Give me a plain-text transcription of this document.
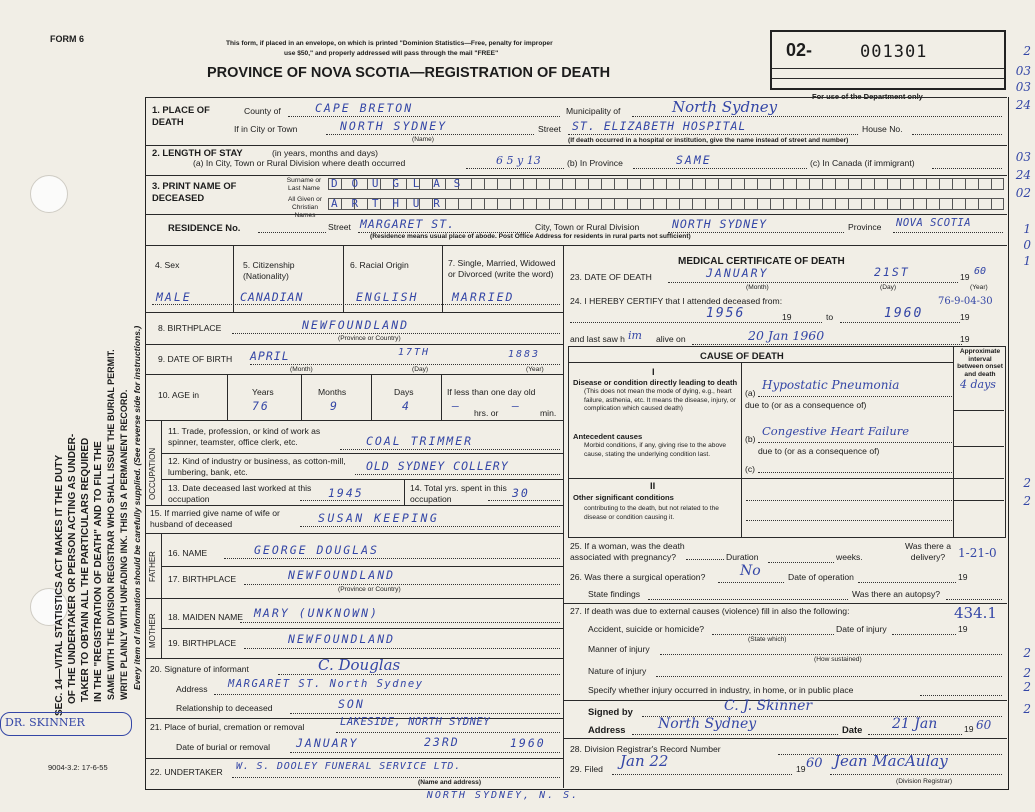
FORM 6	This form, if placed in an envelope, on which is printed "Dominion Statistics—Free, penalty for improper
use $50," and properly addressed will pass through the mail "FREE"
PROVINCE OF NOVA SCOTIA—REGISTRATION OF DEATH
02-	001301
For use of the Department only
SEC. 14—VITAL STATISTICS ACT MAKES IT THE DUTY OF THE UNDERTAKER OR PERSON ACTING AS UNDER- TAKER TO OBTAIN ALL THE PARTICULARS REQUIRED IN THE "REGISTRATION OF DEATH" AND TO FILE THE SAME WITH THE DIVISION REGISTRAR WHO SHALL ISSUE THE BURIAL PERMIT. WRITE PLAINLY WITH UNFADING INK. THIS IS A PERMANENT RECORD. Every item of information should be carefully supplied. (See reverse side for instructions.)
DR. SKINNER
9004-3.2: 17-6-55
1. PLACE OF DEATH
County of	CAPE BRETON	Municipality of	North Sydney
If in City or Town	NORTH SYDNEY
(Name)
Street ST. ELIZABETH HOSPITAL	House No.
(If death occurred in a hospital or institution, give the name instead of street and number)
2. LENGTH OF STAY	(in years, months and days)
(a) In City, Town or Rural Division where death occurred	6 5 y 13	(b) In Province	SAME	(c) In Canada (if immigrant)
3. PRINT NAME OF DECEASED
Surname or Last Name
All Given or Christian Names
D O U G L A S
A R T H U R
RESIDENCE No.	Street MARGARET ST.	City, Town or Rural Division	NORTH SYDNEY	Province NOVA SCOTIA
(Residence means usual place of abode. Post Office Address for residents in rural parts not sufficient)
4. Sex	5. Citizenship (Nationality)
6. Racial Origin	7. Single, Married, Widowed or Divorced (write the word)
MALE	CANADIAN	ENGLISH	MARRIED
8. BIRTHPLACE	NEWFOUNDLAND
(Province or Country)
9. DATE OF BIRTH APRIL	17TH	1883
(Month)	(Day)	(Year)
10. AGE in	Years	Months	Days	If less than one day old
76	9	4	— hrs. or — min.
OCCUPATION
11. Trade, profession, or kind of work as spinner, teamster, office clerk, etc.	COAL TRIMMER
12. Kind of industry or business, as cotton-mill, lumbering, bank, etc.	OLD SYDNEY COLLERY
13. Date deceased last worked at this occupation	1945	14. Total yrs. spent in this occupation	30
15. If married give name of wife or husband of deceased	SUSAN KEEPING
FATHER 16. NAME	GEORGE DOUGLAS
17. BIRTHPLACE	NEWFOUNDLAND
(Province or Country)
MOTHER 18. MAIDEN NAME MARY (UNKNOWN)
19. BIRTHPLACE	NEWFOUNDLAND
20. Signature of informant	C. Douglas
Address MARGARET ST. North Sydney
Relationship to deceased	SON
21. Place of burial, cremation or removal	LAKESIDE, NORTH SYDNEY
Date of burial or removal JANUARY	23RD	1960
22. UNDERTAKER W. S. DOOLEY FUNERAL SERVICE LTD.
(Name and address)
NORTH SYDNEY, N. S.
MEDICAL CERTIFICATE OF DEATH
23. DATE OF DEATH	JANUARY	21ST	19 60
(Month)	(Day)	(Year)
24. I HEREBY CERTIFY that I attended deceased from:
1956	19	to	1960	19
76-9-04-30
and last saw h im alive on	20 Jan 1960	19
CAUSE OF DEATH	Approximate interval between onset and death
I
Disease or condition directly leading to death
(This does not mean the mode of dying, e.g., heart failure, asthenia, etc. It means the disease, injury, or complication which caused death)
(a)
Hypostatic Pneumonia	4 days
due to (or as a consequence of)
Antecedent causes
Morbid conditions, if any, giving rise to the above cause, stating the underlying condition last.
(b)
Congestive Heart Failure
due to (or as a consequence of)
(c)
II
Other significant conditions
contributing to the death, but not related to the disease or condition causing it.
25. If a woman, was the death associated with pregnancy?	Duration	weeks.
Was there a delivery?	1-21-0
26. Was there a surgical operation? No	Date of operation	19
State findings	Was there an autopsy?
27. If death was due to external causes (violence) fill in also the following:	434.1
Accident, suicide or homicide?	Date of injury	19
(State which)
Manner of injury
(How sustained)
Nature of injury
Specify whether injury occurred in industry, in home, or in public place
Signed by	C. J. Skinner
Address North Sydney	Date 21 Jan	19 60
28. Division Registrar's Record Number
29. Filed Jan 22	19 60 Jean MacAulay
(Division Registrar)
2
03
03
24
03
24
02
1
0
1
2
2
2
2
2
2
